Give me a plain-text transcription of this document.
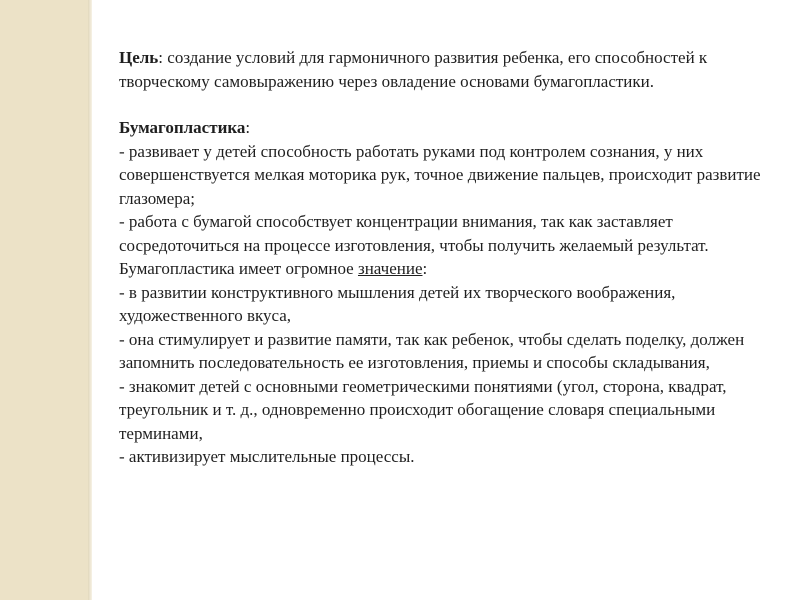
Цель: создание условий для гармоничного развития ребенка, его способностей к творческому самовыражению через овладение основами бумагопластики.

Бумагопластика:

- развивает у детей способность работать руками под контролем сознания, у них совершенствуется мелкая моторика рук, точное движение пальцев, происходит развитие глазомера;

- работа с бумагой способствует концентрации внимания, так как заставляет сосредоточиться на процессе изготовления, чтобы получить желаемый результат.

Бумагопластика имеет огромное значение:

- в развитии конструктивного мышления детей их творческого воображения, художественного вкуса,

- она стимулирует и развитие памяти, так как ребенок, чтобы сделать поделку, должен запомнить последовательность ее изготовления, приемы и способы складывания,

- знакомит детей с основными геометрическими понятиями (угол, сторона, квадрат, треугольник и т. д., одновременно происходит обогащение словаря специальными терминами,

- активизирует мыслительные процессы.
